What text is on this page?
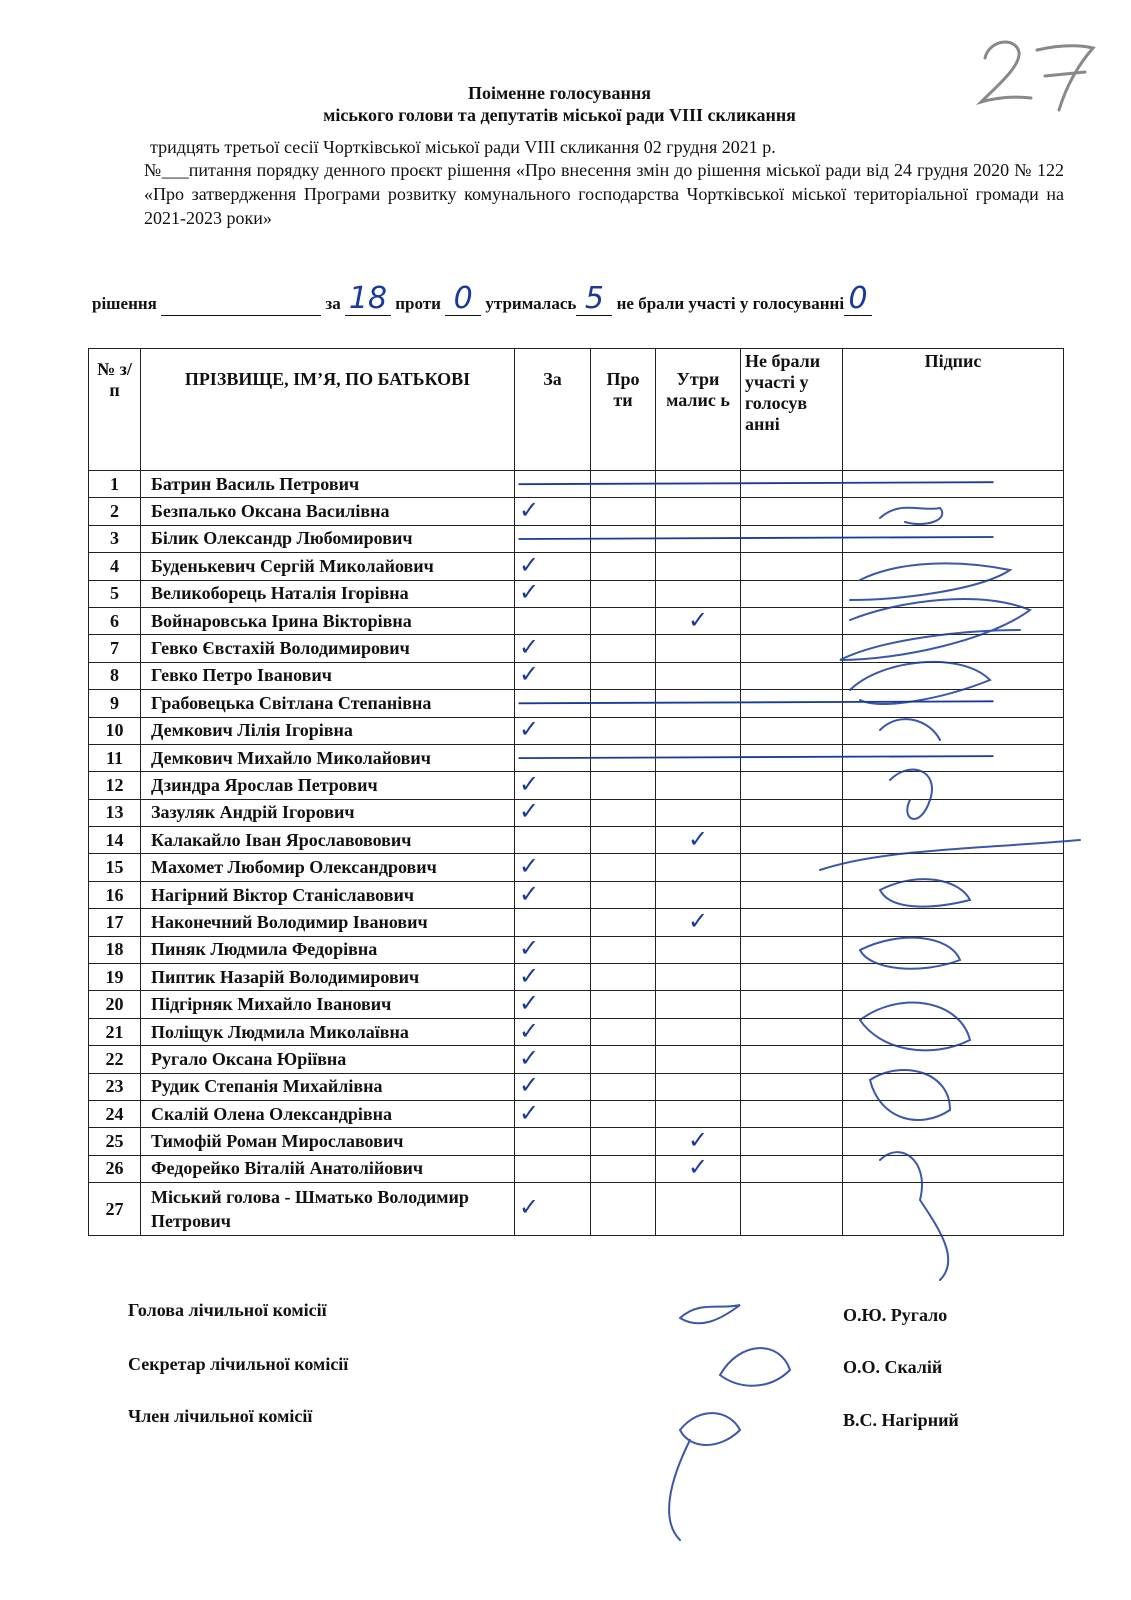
Поіменне голосування
міського голови та депутатів міської ради VIII скликання
тридцять третьої сесії Чортківської міської ради VIII скликання 02 грудня 2021 р.
№___питання порядку денного проєкт рішення «Про внесення змін до рішення міської ради від 24 грудня 2020 № 122 «Про затвердження Програми розвитку комунального господарства Чортківської міської територіальної громади на 2021-2023 роки»
рішення	за 18 проти 0 утрималась 5 не брали участі у голосуванні 0
№ з/п	ПРІЗВИЩЕ, ІМ’Я, ПО БАТЬКОВІ	За	Про ти	Утри малис ь	Не брали участі у голосув анні	Підпис
1	Батрин Василь Петрович					
2	Безпалько Оксана Василівна	✓				
3	Білик Олександр Любомирович					
4	Буденькевич Сергій Миколайович	✓				
5	Великоборець Наталія Ігорівна	✓				
6	Войнаровська Ірина Вікторівна			✓		
7	Гевко Євстахій Володимирович	✓				
8	Гевко Петро Іванович	✓				
9	Грабовецька Світлана Степанівна					
10	Демкович Лілія Ігорівна	✓				
11	Демкович Михайло Миколайович					
12	Дзиндра Ярослав Петрович	✓				
13	Зазуляк Андрій Ігорович	✓				
14	Калакайло Іван Ярославовович			✓		
15	Махомет Любомир Олександрович	✓				
16	Нагірний Віктор Станіславович	✓				
17	Наконечний Володимир Іванович			✓		
18	Пиняк Людмила Федорівна	✓				
19	Пиптик Назарій Володимирович	✓				
20	Підгірняк Михайло Іванович	✓				
21	Поліщук Людмила Миколаївна	✓				
22	Ругало Оксана Юріївна	✓				
23	Рудик Степанія Михайлівна	✓				
24	Скалій Олена Олександрівна	✓				
25	Тимофій Роман Мирославович			✓		
26	Федорейко Віталій Анатолійович			✓		
27	Міський голова - Шматько Володимир Петрович	✓				
Голова лічильної комісії	О.Ю. Ругало
Секретар лічильної комісії	О.О. Скалій
Член лічильної комісії	В.С. Нагірний
